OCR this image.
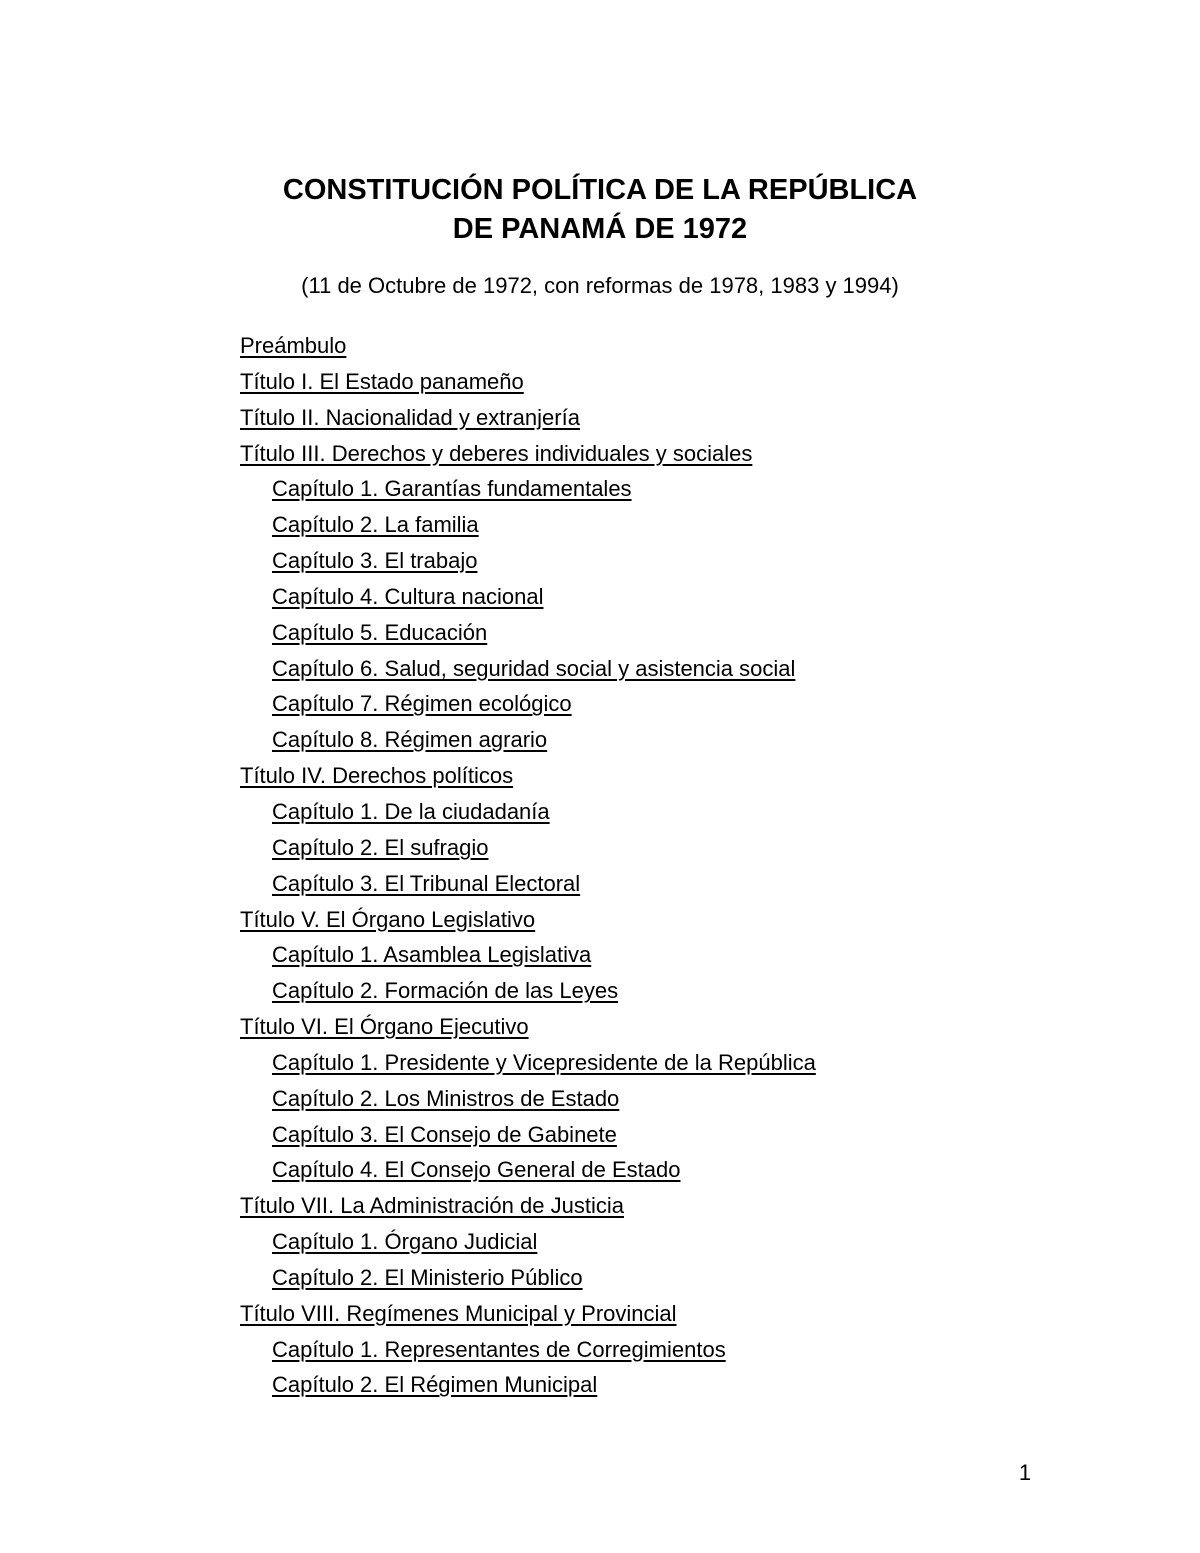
CONSTITUCIÓN POLÍTICA DE LA REPÚBLICA
DE PANAMÁ DE 1972

(11 de Octubre de 1972, con reformas de 1978, 1983 y 1994)

Preámbulo
Título I. El Estado panameño
Título II. Nacionalidad y extranjería
Título III. Derechos y deberes individuales y sociales
Capítulo 1. Garantías fundamentales
Capítulo 2. La familia
Capítulo 3. El trabajo
Capítulo 4. Cultura nacional
Capítulo 5. Educación
Capítulo 6. Salud, seguridad social y asistencia social
Capítulo 7. Régimen ecológico
Capítulo 8. Régimen agrario
Título IV. Derechos políticos
Capítulo 1. De la ciudadanía
Capítulo 2. El sufragio
Capítulo 3. El Tribunal Electoral
Título V. El Órgano Legislativo
Capítulo 1. Asamblea Legislativa
Capítulo 2. Formación de las Leyes
Título VI. El Órgano Ejecutivo
Capítulo 1. Presidente y Vicepresidente de la República
Capítulo 2. Los Ministros de Estado
Capítulo 3. El Consejo de Gabinete
Capítulo 4. El Consejo General de Estado
Título VII. La Administración de Justicia
Capítulo 1. Órgano Judicial
Capítulo 2. El Ministerio Público
Título VIII. Regímenes Municipal y Provincial
Capítulo 1. Representantes de Corregimientos
Capítulo 2. El Régimen Municipal
1
